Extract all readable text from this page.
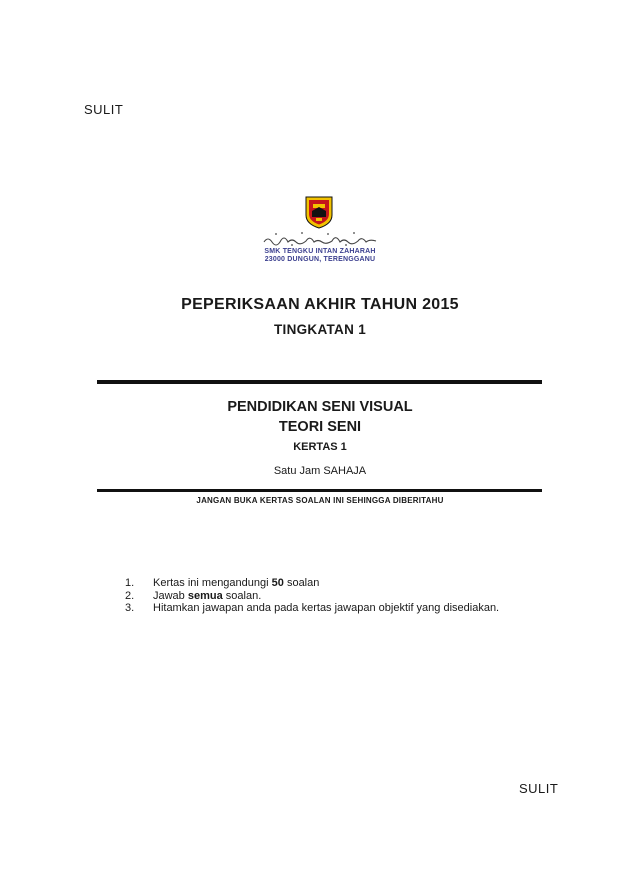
SULIT
SMK TENGKU INTAN ZAHARAH
23000 DUNGUN, TERENGGANU
PEPERIKSAAN AKHIR TAHUN 2015
TINGKATAN 1
PENDIDIKAN SENI VISUAL
TEORI SENI
KERTAS 1
Satu Jam SAHAJA
JANGAN BUKA KERTAS SOALAN INI SEHINGGA DIBERITAHU
1.	Kertas ini mengandungi 50 soalan
2.	Jawab semua soalan.
3.	Hitamkan jawapan anda pada kertas jawapan objektif yang disediakan.
SULIT
